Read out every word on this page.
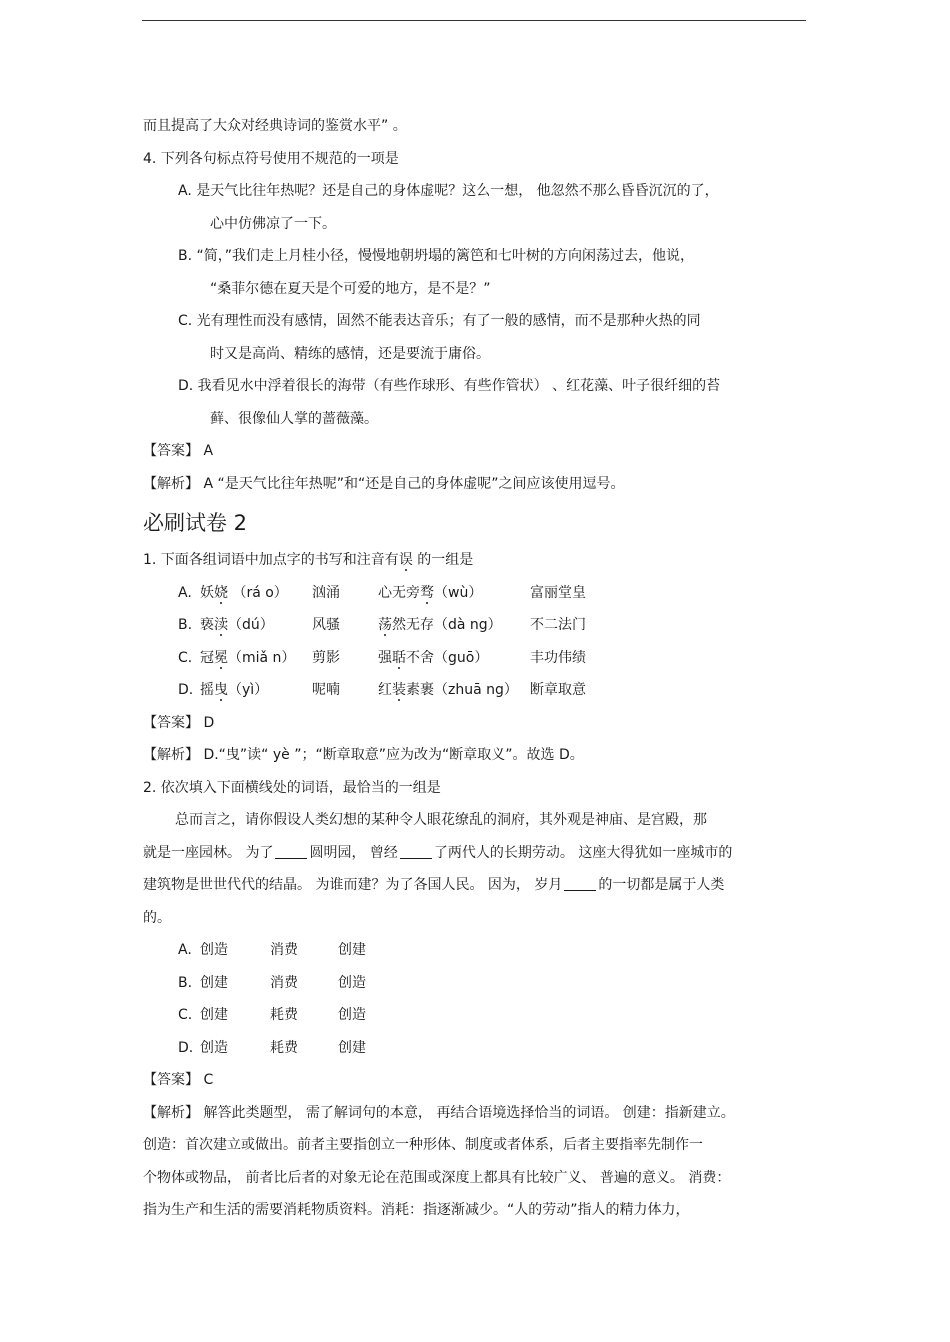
而且提高了大众对经典诗词的鉴赏水平” 。
4. 下列各句标点符号使用不规范的一项是
A. 是天气比往年热呢？还是自己的身体虚呢？这么一想， 他忽然不那么昏昏沉沉的了，
心中仿佛凉了一下。
B. “简，”我们走上月桂小径，慢慢地朝坍塌的篱笆和七叶树的方向闲荡过去，他说，
“桑菲尔德在夏天是个可爱的地方，是不是？”
C. 光有理性而没有感情，固然不能表达音乐；有了一般的感情，而不是那种火热的同
时又是高尚、精练的感情，还是要流于庸俗。
D. 我看见水中浮着很长的海带（有些作球形、有些作管状） 、红花藻、叶子很纤细的苔
藓、很像仙人掌的蔷薇藻。
【答案】 A
【解析】 A “是天气比往年热呢”和“还是自己的身体虚呢”之间应该使用逗号。
必刷试卷 2
1. 下面各组词语中加点字的书写和注音有误 的一组是
A. 妖娆 （rá o） 汹涌	心无旁骛（wù）	富丽堂皇
B. 亵渎（dú）	风骚	荡然无存（dà ng） 不二法门
C. 冠冕（miǎ n） 剪影	强聒不舍（guō）	丰功伟绩
D. 摇曳（yì）	呢喃	红装素裹（zhuā ng） 断章取意
【答案】 D
【解析】 D.“曳”读“ yè ”；“断章取意”应为改为“断章取义”。故选 D。
2. 依次填入下面横线处的词语，最恰当的一组是
总而言之，请你假设人类幻想的某种令人眼花缭乱的洞府，其外观是神庙、是宫殿，那
就是一座园林。 为了	圆明园， 曾经	了两代人的长期劳动。 这座大得犹如一座城市的
建筑物是世世代代的结晶。 为谁而建？为了各国人民。 因为， 岁月	的一切都是属于人类
的。
A. 创造	消费	创建
B. 创建	消费	创造
C. 创建	耗费	创造
D. 创造	耗费	创建
【答案】 C
【解析】 解答此类题型， 需了解词句的本意， 再结合语境选择恰当的词语。 创建：指新建立。
创造：首次建立或做出。前者主要指创立一种形体、制度或者体系，后者主要指率先制作一
个物体或物品， 前者比后者的对象无论在范围或深度上都具有比较广义、 普遍的意义。 消费：
指为生产和生活的需要消耗物质资料。消耗：指逐渐减少。“人的劳动”指人的精力体力，
